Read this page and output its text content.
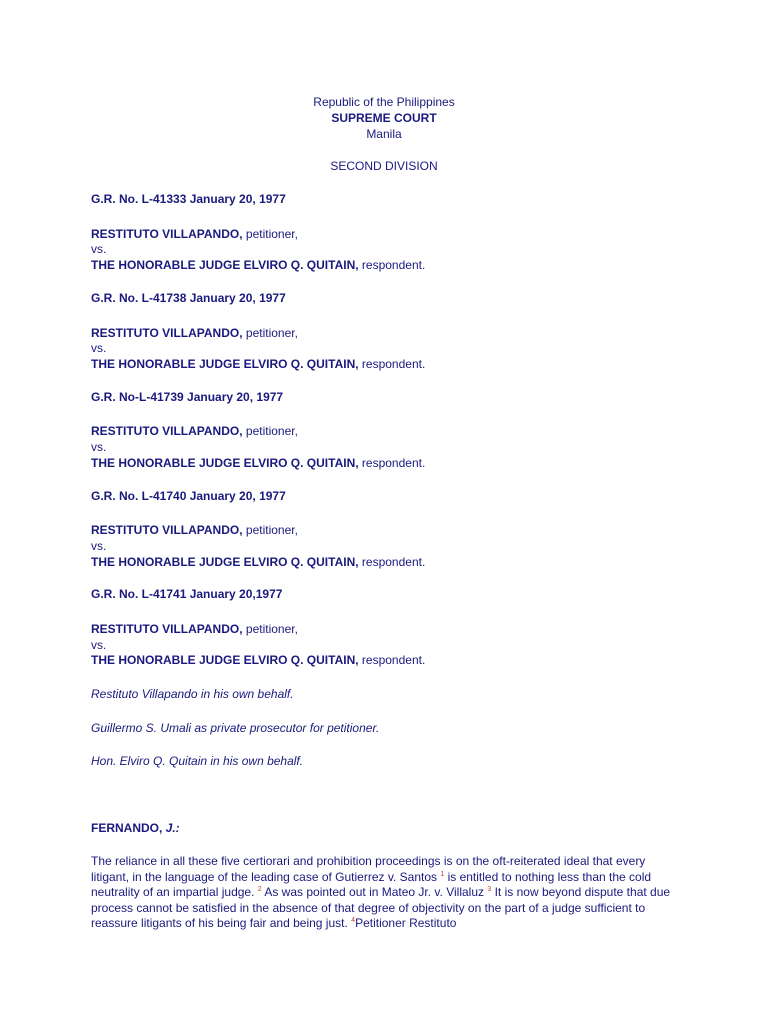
Republic of the Philippines
SUPREME COURT
Manila
SECOND DIVISION
G.R. No. L-41333 January 20, 1977
RESTITUTO VILLAPANDO, petitioner,
vs.
THE HONORABLE JUDGE ELVIRO Q. QUITAIN, respondent.
G.R. No. L-41738 January 20, 1977
RESTITUTO VILLAPANDO, petitioner,
vs.
THE HONORABLE JUDGE ELVIRO Q. QUITAIN, respondent.
G.R. No-L-41739 January 20, 1977
RESTITUTO VILLAPANDO, petitioner,
vs.
THE HONORABLE JUDGE ELVIRO Q. QUITAIN, respondent.
G.R. No. L-41740 January 20, 1977
RESTITUTO VILLAPANDO, petitioner,
vs.
THE HONORABLE JUDGE ELVIRO Q. QUITAIN, respondent.
G.R. No. L-41741 January 20,1977
RESTITUTO VILLAPANDO, petitioner,
vs.
THE HONORABLE JUDGE ELVIRO Q. QUITAIN, respondent.
Restituto Villapando in his own behalf.
Guillermo S. Umali as private prosecutor for petitioner.
Hon. Elviro Q. Quitain in his own behalf.
FERNANDO, J.:
The reliance in all these five certiorari and prohibition proceedings is on the oft-reiterated ideal that every litigant, in the language of the leading case of Gutierrez v. Santos $^1$ is entitled to nothing less than the cold neutrality of an impartial judge. $^2$ As was pointed out in Mateo Jr. v. Villaluz $^3$ It is now beyond dispute that due process cannot be satisfied in the absence of that degree of objectivity on the part of a judge sufficient to reassure litigants of his being fair and being just. $^4$Petitioner Restituto
